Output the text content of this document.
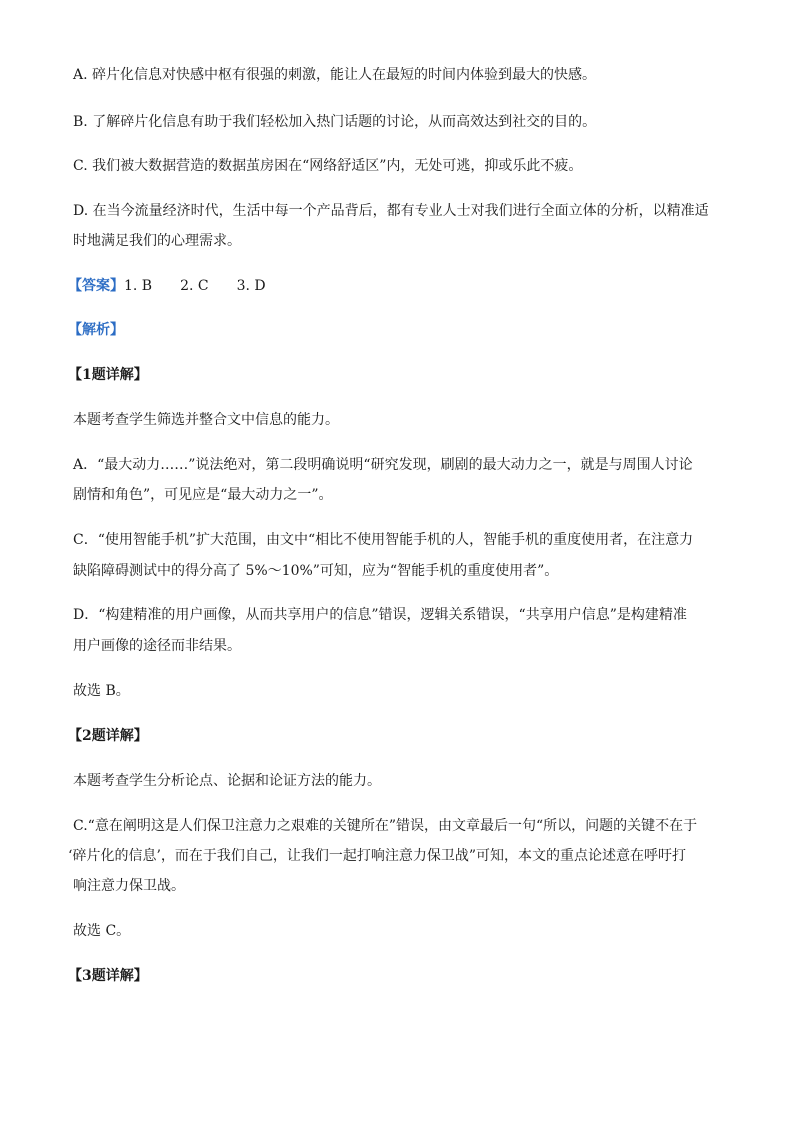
A. 碎片化信息对快感中枢有很强的刺激，能让人在最短的时间内体验到最大的快感。
B. 了解碎片化信息有助于我们轻松加入热门话题的讨论，从而高效达到社交的目的。
C. 我们被大数据营造的数据茧房困在“网络舒适区”内，无处可逃，抑或乐此不疲。
D. 在当今流量经济时代，生活中每一个产品背后，都有专业人士对我们进行全面立体的分析，以精准适
时地满足我们的心理需求。
【答案】1. B　　2. C　　3. D
【解析】
【1题详解】
本题考查学生筛选并整合文中信息的能力。
A．“最大动力……”说法绝对，第二段明确说明“研究发现，刷剧的最大动力之一，就是与周围人讨论
剧情和角色”，可见应是“最大动力之一”。
C．“使用智能手机”扩大范围，由文中“相比不使用智能手机的人，智能手机的重度使用者，在注意力
缺陷障碍测试中的得分高了 5%～10%”可知，应为“智能手机的重度使用者”。
D．“构建精准的用户画像，从而共享用户的信息”错误，逻辑关系错误，“共享用户信息”是构建精准
用户画像的途径而非结果。
故选 B。
【2题详解】
本题考查学生分析论点、论据和论证方法的能力。
C.“意在阐明这是人们保卫注意力之艰难的关键所在”错误，由文章最后一句“所以，问题的关键不在于
‘碎片化的信息’，而在于我们自己，让我们一起打响注意力保卫战”可知，本文的重点论述意在呼吁打
响注意力保卫战。
故选 C。
【3题详解】
